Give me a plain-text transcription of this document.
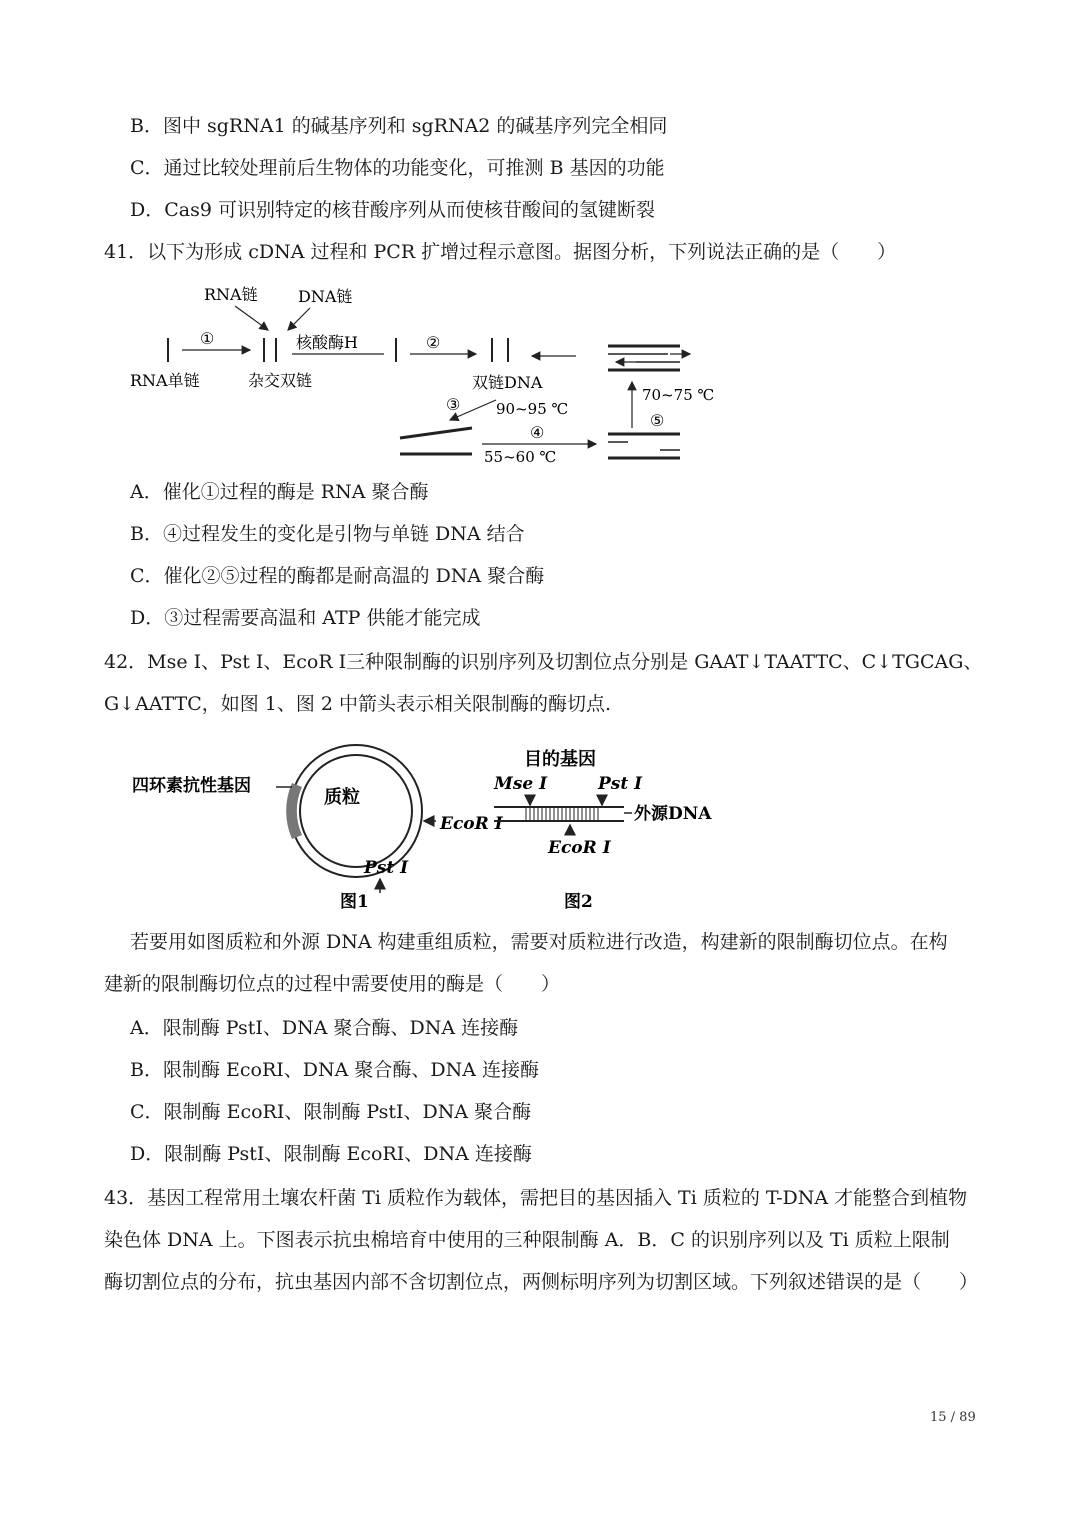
B．图中 sgRNA1 的碱基序列和 sgRNA2 的碱基序列完全相同
C．通过比较处理前后生物体的功能变化，可推测 B 基因的功能
D．Cas9 可识别特定的核苷酸序列从而使核苷酸间的氢键断裂
41．以下为形成 cDNA 过程和 PCR 扩增过程示意图。据图分析，下列说法正确的是（　　）
RNA链	DNA链
①	核酸酶H	②
RNA单链	杂交双链	双链DNA
③ 90~95 ℃
70~75 ℃
⑤
④
55~60 ℃
A．催化①过程的酶是 RNA 聚合酶
B．④过程发生的变化是引物与单链 DNA 结合
C．催化②⑤过程的酶都是耐高温的 DNA 聚合酶
D．③过程需要高温和 ATP 供能才能完成
42．Mse Ⅰ、Pst Ⅰ、EcoR Ⅰ三种限制酶的识别序列及切割位点分别是 GAAT↓TAATTC、C↓TGCAG、
G↓AATTC，如图 1、图 2 中箭头表示相关限制酶的酶切点.
质粒
四环素抗性基因
EcoR Ⅰ
Pst Ⅰ
图1
目的基因
Mse Ⅰ	Pst Ⅰ
外源DNA
EcoR Ⅰ
图2
若要用如图质粒和外源 DNA 构建重组质粒，需要对质粒进行改造，构建新的限制酶切位点。在构
建新的限制酶切位点的过程中需要使用的酶是（　　）
A．限制酶 PstⅠ、DNA 聚合酶、DNA 连接酶
B．限制酶 EcoRⅠ、DNA 聚合酶、DNA 连接酶
C．限制酶 EcoRⅠ、限制酶 PstⅠ、DNA 聚合酶
D．限制酶 PstⅠ、限制酶 EcoRⅠ、DNA 连接酶
43．基因工程常用土壤农杆菌 Ti 质粒作为载体，需把目的基因插入 Ti 质粒的 T-DNA 才能整合到植物
染色体 DNA 上。下图表示抗虫棉培育中使用的三种限制酶 A．B．C 的识别序列以及 Ti 质粒上限制
酶切割位点的分布，抗虫基因内部不含切割位点，两侧标明序列为切割区域。下列叙述错误的是（　　）
15 / 89
